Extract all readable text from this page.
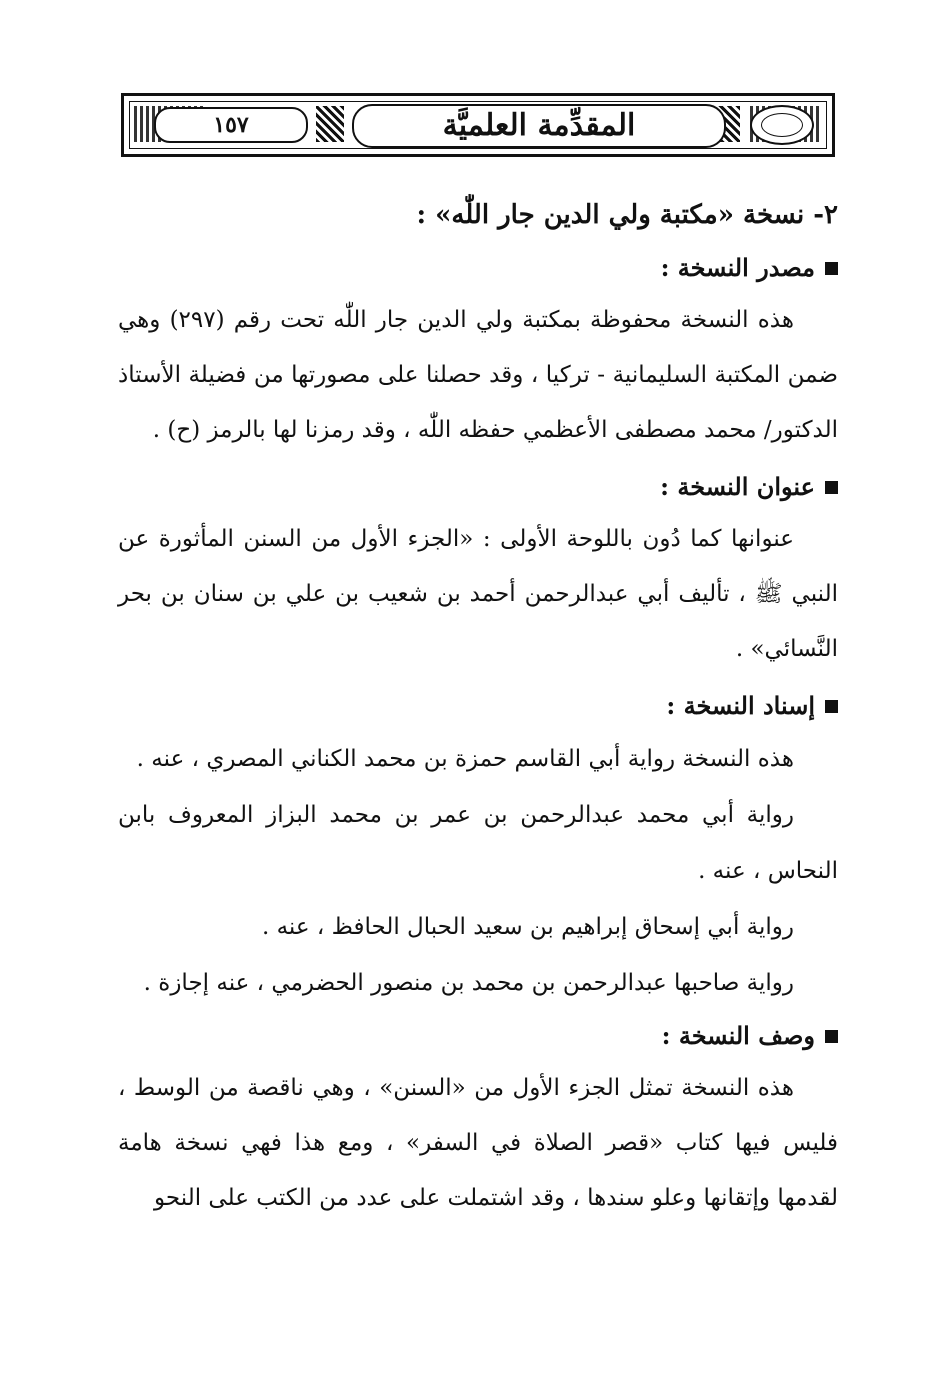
١٥٧	المقدِّمة العلميَّة
٢- نسخة «مكتبة ولي الدين جار اللّٰه» :
مصدر النسخة :

هذه النسخة محفوظة بمكتبة ولي الدين جار اللّٰه تحت رقم (٢٩٧) وهي ضمن المكتبة السليمانية - تركيا ، وقد حصلنا على مصورتها من فضيلة الأستاذ الدكتور/ محمد مصطفى الأعظمي حفظه اللّٰه ، وقد رمزنا لها بالرمز (ح) .

عنوان النسخة :

عنوانها كما دُون باللوحة الأولى : «الجزء الأول من السنن المأثورة عن النبي ﷺ ، تأليف أبي عبدالرحمن أحمد بن شعيب بن علي بن سنان بن بحر النَّسائي» .

إسناد النسخة :
هذه النسخة رواية أبي القاسم حمزة بن محمد الكناني المصري ، عنه .
رواية أبي محمد عبدالرحمن بن عمر بن محمد البزاز المعروف بابن النحاس ، عنه .
رواية أبي إسحاق إبراهيم بن سعيد الحبال الحافظ ، عنه .
رواية صاحبها عبدالرحمن بن محمد بن منصور الحضرمي ، عنه إجازة .
وصف النسخة :

هذه النسخة تمثل الجزء الأول من «السنن» ، وهي ناقصة من الوسط ، فليس فيها كتاب «قصر الصلاة في السفر» ، ومع هذا فهي نسخة هامة لقدمها وإتقانها وعلو سندها ، وقد اشتملت على عدد من الكتب على النحو
